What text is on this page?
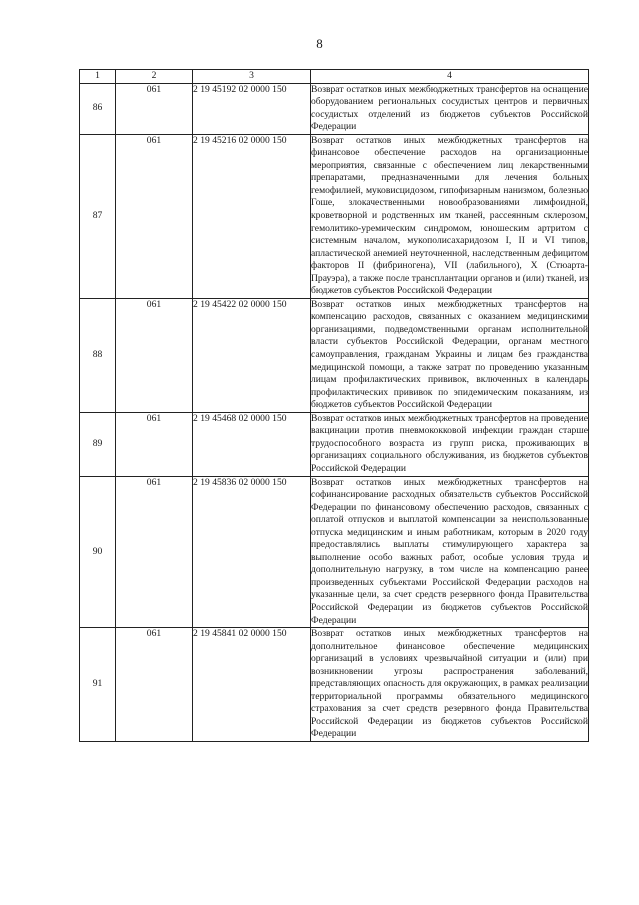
8
1	2	3	4
86	061	2 19 45192 02 0000 150	Возврат остатков иных межбюджетных трансфертов на оснащение оборудованием региональных сосудистых центров и первичных сосудистых отделений из бюджетов субъектов Российской Федерации
87	061	2 19 45216 02 0000 150	Возврат остатков иных межбюджетных трансфертов на финансовое обеспечение расходов на организационные мероприятия, связанные с обеспечением лиц лекарственными препаратами, предназначенными для лечения больных гемофилией, муковисцидозом, гипофизарным нанизмом, болезнью Гоше, злокачественными новообразованиями лимфоидной, кроветворной и родственных им тканей, рассеянным склерозом, гемолитико-уремическим синдромом, юношеским артритом с системным началом, мукополисахаридозом I, II и VI типов, апластической анемией неуточненной, наследственным дефицитом факторов II (фибриногена), VII (лабильного), X (Стюарта-Прауэра), а также после трансплантации органов и (или) тканей, из бюджетов субъектов Российской Федерации
88	061	2 19 45422 02 0000 150	Возврат остатков иных межбюджетных трансфертов на компенсацию расходов, связанных с оказанием медицинскими организациями, подведомственными органам исполнительной власти субъектов Российской Федерации, органам местного самоуправления, гражданам Украины и лицам без гражданства медицинской помощи, а также затрат по проведению указанным лицам профилактических прививок, включенных в календарь профилактических прививок по эпидемическим показаниям, из бюджетов субъектов Российской Федерации
89	061	2 19 45468 02 0000 150	Возврат остатков иных межбюджетных трансфертов на проведение вакцинации против пневмококковой инфекции граждан старше трудоспособного возраста из групп риска, проживающих в организациях социального обслуживания, из бюджетов субъектов Российской Федерации
90	061	2 19 45836 02 0000 150	Возврат остатков иных межбюджетных трансфертов на софинансирование расходных обязательств субъектов Российской Федерации по финансовому обеспечению расходов, связанных с оплатой отпусков и выплатой компенсации за неиспользованные отпуска медицинским и иным работникам, которым в 2020 году предоставлялись выплаты стимулирующего характера за выполнение особо важных работ, особые условия труда и дополнительную нагрузку, в том числе на компенсацию ранее произведенных субъектами Российской Федерации расходов на указанные цели, за счет средств резервного фонда Правительства Российской Федерации из бюджетов субъектов Российской Федерации
91	061	2 19 45841 02 0000 150	Возврат остатков иных межбюджетных трансфертов на дополнительное финансовое обеспечение медицинских организаций в условиях чрезвычайной ситуации и (или) при возникновении угрозы распространения заболеваний, представляющих опасность для окружающих, в рамках реализации территориальной программы обязательного медицинского страхования за счет средств резервного фонда Правительства Российской Федерации из бюджетов субъектов Российской Федерации
